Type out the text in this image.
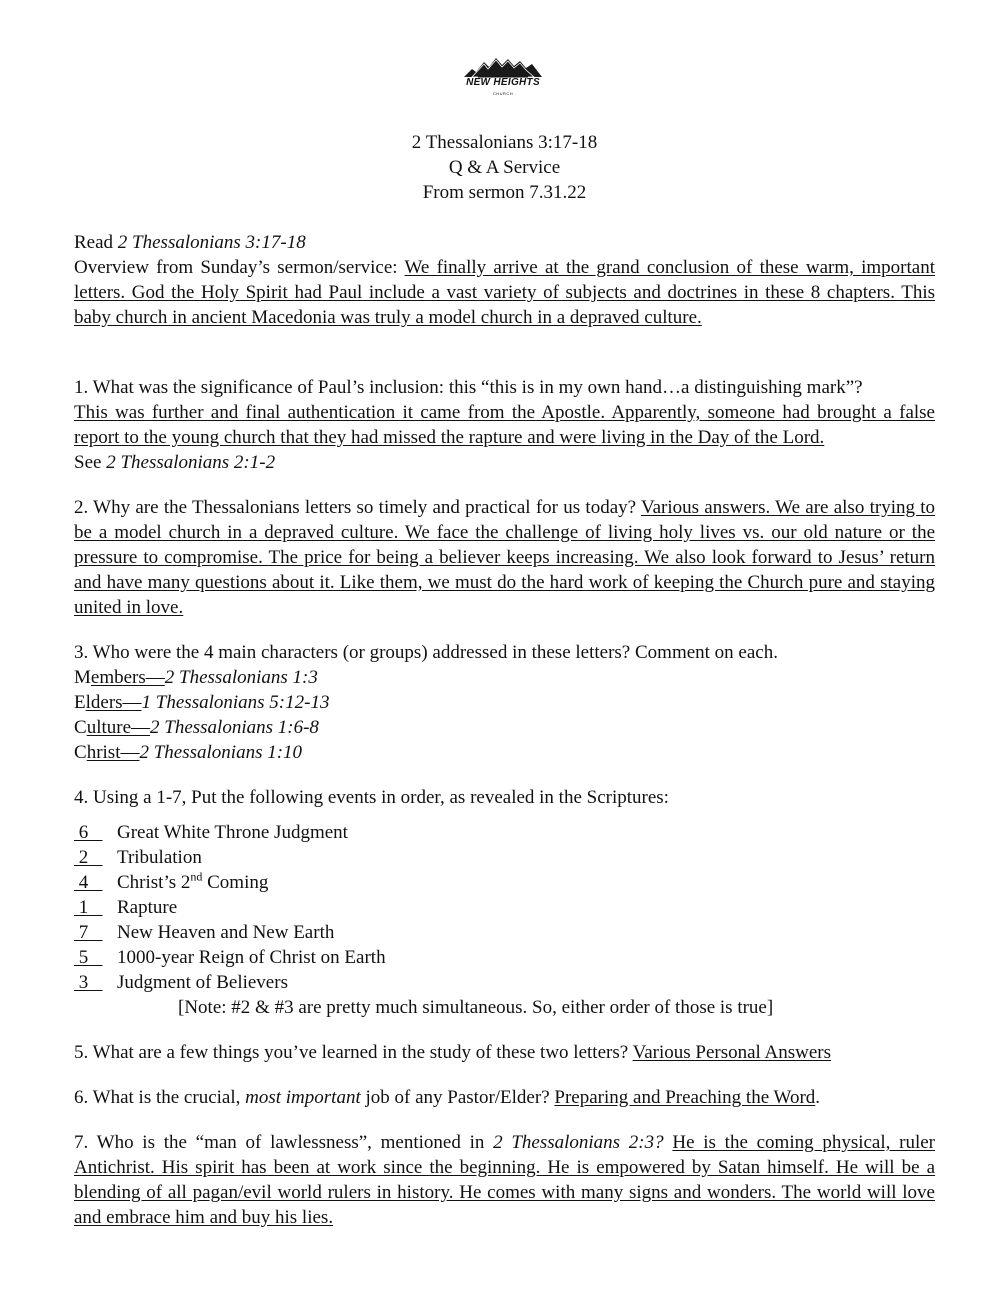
NEW HEIGHTS
CHURCH
2 Thessalonians 3:17-18
Q & A Service
From sermon 7.31.22

Read 2 Thessalonians 3:17-18

Overview from Sunday’s sermon/service: We finally arrive at the grand conclusion of these warm, important letters. God the Holy Spirit had Paul include a vast variety of subjects and doctrines in these 8 chapters. This baby church in ancient Macedonia was truly a model church in a depraved culture.

1. What was the significance of Paul’s inclusion: this “this is in my own hand…a distinguishing mark”?

This was further and final authentication it came from the Apostle. Apparently, someone had brought a false report to the young church that they had missed the rapture and were living in the Day of the Lord.

See 2 Thessalonians 2:1-2

2. Why are the Thessalonians letters so timely and practical for us today? Various answers. We are also trying to be a model church in a depraved culture. We face the challenge of living holy lives vs. our old nature or the pressure to compromise. The price for being a believer keeps increasing. We also look forward to Jesus’ return and have many questions about it. Like them, we must do the hard work of keeping the Church pure and staying united in love.

3. Who were the 4 main characters (or groups) addressed in these letters? Comment on each.

Members—2 Thessalonians 1:3
Elders—1 Thessalonians 5:12-13
Culture—2 Thessalonians 1:6-8
Christ—2 Thessalonians 1:10

4. Using a 1-7, Put the following events in order, as revealed in the Scriptures:

6   Great White Throne Judgment
2   Tribulation
4   Christ’s 2nd Coming
1   Rapture
7   New Heaven and New Earth
5   1000-year Reign of Christ on Earth
3   Judgment of Believers
[Note: #2 & #3 are pretty much simultaneous. So, either order of those is true]

5. What are a few things you’ve learned in the study of these two letters? Various Personal Answers

6. What is the crucial, most important job of any Pastor/Elder? Preparing and Preaching the Word.

7. Who is the “man of lawlessness”, mentioned in 2 Thessalonians 2:3? He is the coming physical, ruler Antichrist. His spirit has been at work since the beginning. He is empowered by Satan himself. He will be a blending of all pagan/evil world rulers in history. He comes with many signs and wonders. The world will love and embrace him and buy his lies.
